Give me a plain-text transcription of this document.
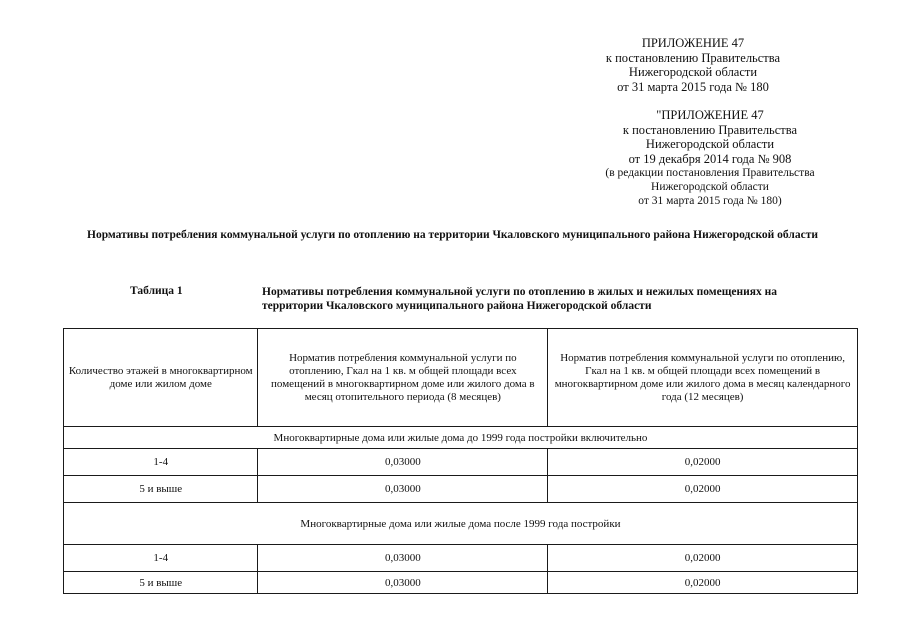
ПРИЛОЖЕНИЕ 47
к постановлению Правительства
Нижегородской области
от 31 марта 2015 года № 180
"ПРИЛОЖЕНИЕ 47
к постановлению Правительства
Нижегородской области
от 19 декабря 2014 года № 908
(в редакции постановления Правительства
Нижегородской области
от 31 марта 2015 года № 180)
Нормативы потребления коммунальной услуги по отоплению на территории Чкаловского муниципального района Нижегородской области
Таблица 1	Нормативы потребления коммунальной услуги по отоплению в жилых и нежилых помещениях на территории Чкаловского муниципального района Нижегородской области
Количество этажей в многоквартирном доме или жилом доме	Норматив потребления коммунальной услуги по отоплению, Гкал на 1 кв. м общей площади всех помещений в многоквартирном доме или жилого дома в месяц отопительного периода (8 месяцев)	Норматив потребления коммунальной услуги по отоплению, Гкал на 1 кв. м общей площади всех помещений в многоквартирном доме или жилого дома в месяц календарного года (12 месяцев)
Многоквартирные дома или жилые дома до 1999 года постройки включительно		
1-4	0,03000	0,02000
5 и выше	0,03000	0,02000
Многоквартирные дома или жилые дома после 1999 года постройки		
1-4	0,03000	0,02000
5 и выше	0,03000	0,02000
